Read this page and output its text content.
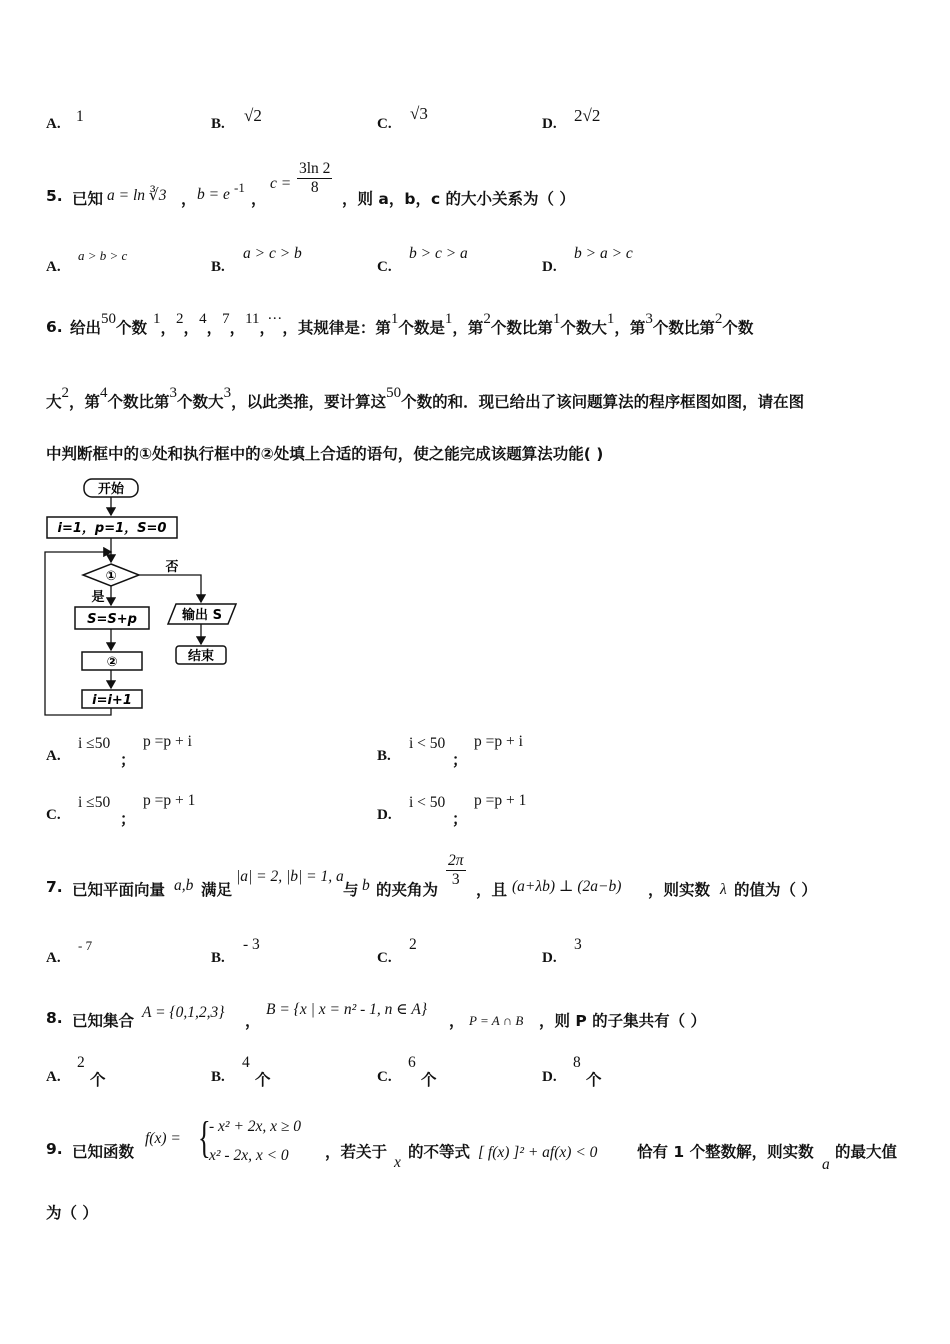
A. 1	B. √2	C.
√3
D. 2√2
5. 已知 a = ln ∛3 ， b = e -1
，
$c = \frac{3\ln 2}{8}$
，则 a，b，c 的大小关系为（ ）
A.
a > b > c
B.
a > c > b
C.
b > c > a
D.
b > a > c
6. 给出50个数 1，2，4，7，11，···，其规律是：第1个数是1，第2个数比第1个数大1，第3个数比第2个数
大2，第4个数比第3个数大3，以此类推，要计算这50个数的和．现已给出了该问题算法的程序框图如图，请在图
中判断框中的①处和执行框中的②处填上合适的语句，使之能完成该题算法功能( )
开始
i=1，p=1，S=0
①
否
输出 S
结束
是
S=S+p
②
i=i+1
A.
i ≤50
；
p =p + i
B.
i < 50
；
p =p + i
C.
i ≤50
；
p =p + 1
D.
i < 50
；
p =p + 1
7. 已知平面向量 a,b 满足
|a| = 2, |b| = 1, a
与 b 的夹角为
$\frac{2\pi}{3}$
，且 (a+λb) ⊥ (2a−b) ，则实数 λ 的值为（ ）
A.
- 7
B.
- 3
C.
2
D.
3
8. 已知集合 A = {0,1,2,3} ，
B = {x | x = n² - 1, n ∈ A}
， P = A ∩ B ，则 P 的子集共有（ ）
A.
2
个	B.
4
个	C.
6
个	D.
8
个
9. 已知函数
f(x) = {
- x² + 2x, x ≥ 0
x² - 2x, x < 0 ，若关于
x
的不等式 [ f(x) ]² + af(x) < 0	恰有 1 个整数解，则实数
a
的最大值
为（ ）
